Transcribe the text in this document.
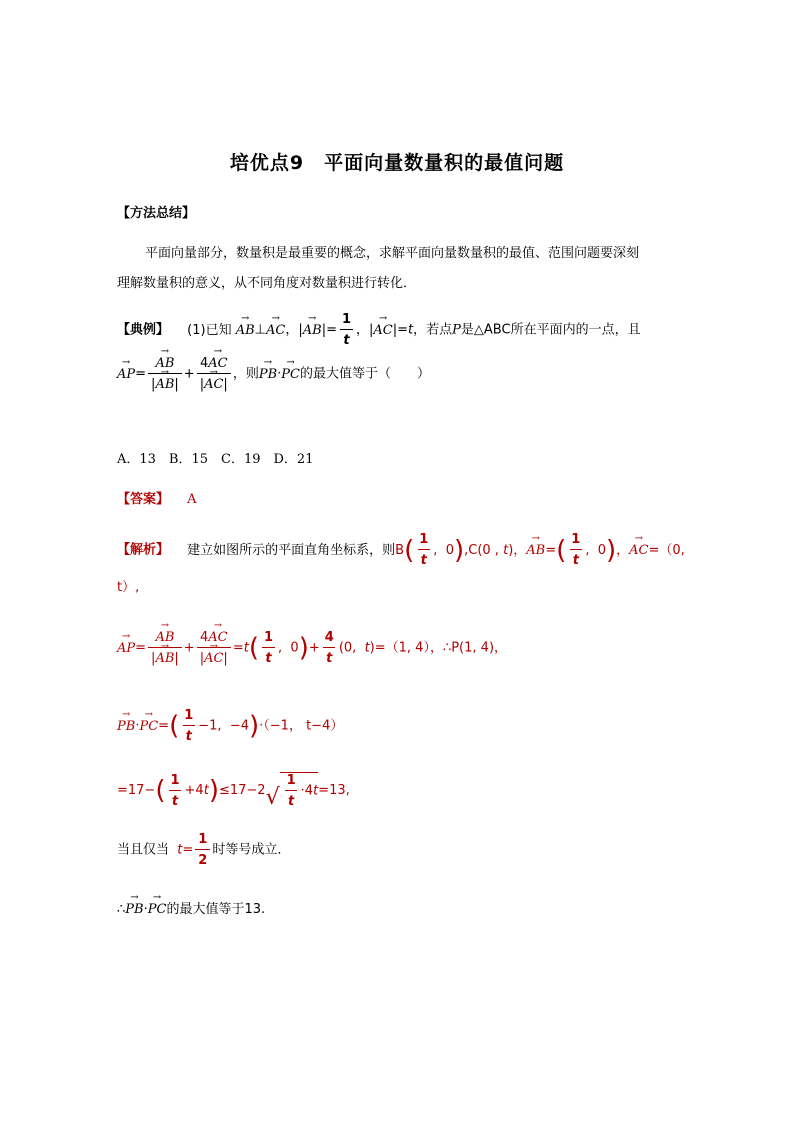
培优点9　平面向量数量积的最值问题
【方法总结】
平面向量部分，数量积是最重要的概念，求解平面向量数量积的最值、范围问题要深刻
理解数量积的意义，从不同角度对数量积进行转化．
【典例】 (1)已知 → AB⊥→ AC，|→ $AB|= \frac{1}{t}$ ，|→ AC|=t，若点P是△ABC所在平面内的一点，且
→ AP=
→ $\frac{AB}{|\to AB|} + \frac{4\to AC}{|\to AC|}$ ，则→ PB·→ PC的最大值等于（　　）
A．13　B．15　C．19　D．21
【答案】 A
【解析】 建立如图所示的平面直角坐标系，则$B( \frac{1}{t}$ ,  0),C(0 , t)，→ $AB=( \frac{1}{t}$ ,  0)，→ AC=（0,
t）,
→ AP=
→ $\frac{AB}{|\to AB|} + \frac{4\to AC}{|\to AC|} =t( \frac{1}{t}$ ,  $0)+ \frac{4}{t} (0$,  t)=（1, 4），∴P(1, 4)，
→ $PB\cdot\to PC=( \frac{1}{t} -1$,  −4)·（−1， t−4）
$=17-( \frac{1}{t} +4t)\le 17-2$ √ $\frac{1}{t} \cdot 4t =13$,
当且仅当 $t= \frac{1}{2}$ 时等号成立．
∴→ PB·→ PC的最大值等于13.
